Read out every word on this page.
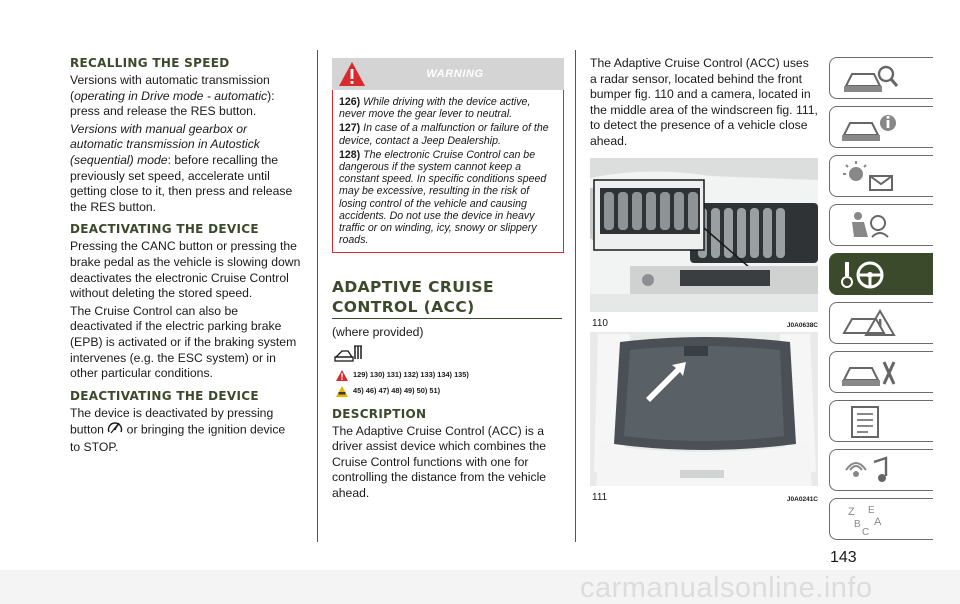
RECALLING THE SPEED
Versions with automatic transmission
(operating in Drive mode - automatic):
press and release the RES button.
Versions with manual gearbox or automatic transmission in Autostick (sequential) mode: before recalling the previously set speed, accelerate until getting close to it, then press and release the RES button.
DEACTIVATING THE DEVICE
Pressing the CANC button or pressing the brake pedal as the vehicle is slowing down deactivates the electronic Cruise Control without deleting the stored speed.
The Cruise Control can also be deactivated if the electric parking brake (EPB) is activated or if the braking system intervenes (e.g. the ESC system) or in other particular conditions.
DEACTIVATING THE DEVICE
The device is deactivated by pressing
button or bringing the ignition device
to STOP.
WARNING
126) While driving with the device active, never move the gear lever to neutral.
127) In case of a malfunction or failure of the device, contact a Jeep Dealership.
128) The electronic Cruise Control can be dangerous if the system cannot keep a constant speed. In specific conditions speed may be excessive, resulting in the risk of losing control of the vehicle and causing accidents. Do not use the device in heavy traffic or on winding, icy, snowy or slippery roads.
ADAPTIVE CRUISE
CONTROL (ACC)
(where provided)
129) 130) 131) 132) 133) 134) 135)
45) 46) 47) 48) 49) 50) 51)
DESCRIPTION
The Adaptive Cruise Control (ACC) is a driver assist device which combines the Cruise Control functions with one for controlling the distance from the vehicle ahead.
The Adaptive Cruise Control (ACC) uses a radar sensor, located behind the front bumper fig. 110 and a camera, located in the middle area of the windscreen fig. 111, to detect the presence of a vehicle close ahead.
110	J0A0638C
111	J0A0241C
Z E
B A
C
143
carmanualsonline.info
